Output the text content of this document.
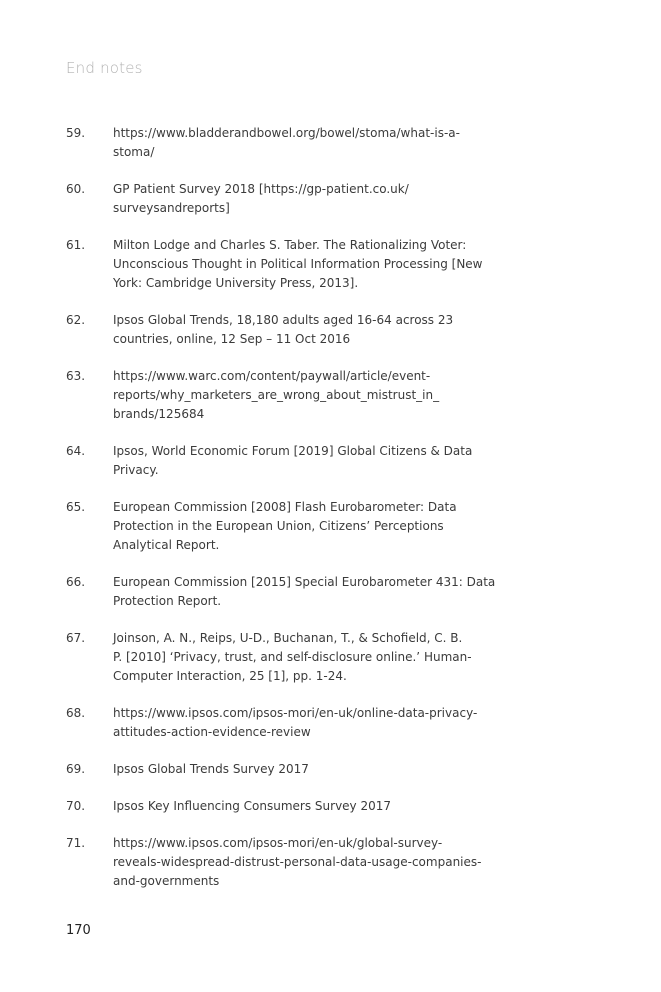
End notes
59.	https://www.bladderandbowel.org/bowel/stoma/what-is-a-
stoma/
60.	GP Patient Survey 2018 [https://gp-patient.co.uk/
surveysandreports]
61.	Milton Lodge and Charles S. Taber. The Rationalizing Voter:
Unconscious Thought in Political Information Processing [New
York: Cambridge University Press, 2013].
62.	Ipsos Global Trends, 18,180 adults aged 16-64 across 23
countries, online, 12 Sep – 11 Oct 2016
63.	https://www.warc.com/content/paywall/article/event-
reports/why_marketers_are_wrong_about_mistrust_in_
brands/125684
64.	Ipsos, World Economic Forum [2019] Global Citizens & Data
Privacy.
65.	European Commission [2008] Flash Eurobarometer: Data
Protection in the European Union, Citizens’ Perceptions
Analytical Report.
66.	European Commission [2015] Special Eurobarometer 431: Data
Protection Report.
67.	Joinson, A. N., Reips, U-D., Buchanan, T., & Schofield, C. B.
P. [2010] ‘Privacy, trust, and self-disclosure online.’ Human-
Computer Interaction, 25 [1], pp. 1-24.
68.	https://www.ipsos.com/ipsos-mori/en-uk/online-data-privacy-
attitudes-action-evidence-review
69.	Ipsos Global Trends Survey 2017
70.	Ipsos Key Influencing Consumers Survey 2017
71.	https://www.ipsos.com/ipsos-mori/en-uk/global-survey-
reveals-widespread-distrust-personal-data-usage-companies-
and-governments
170
